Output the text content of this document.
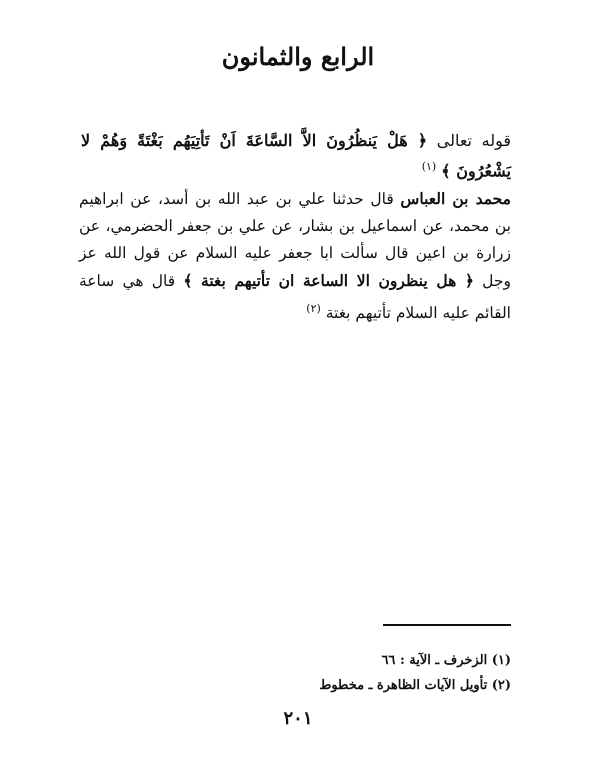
الرابع والثمانون
قوله تعالى ﴿ هَلْ يَنظُرُونَ الاَّ السَّاعَةَ اَنْ تَأتِيَهُم بَغْتَةً وَهُمْ لا يَشْعُرُونَ ﴾ $^{(١)}$
محمد بن العباس قال حدثنا علي بن عبد الله بن أسد، عن ابراهيم بن محمد، عن اسماعيل بن بشار، عن علي بن جعفر الحضرمي، عن زرارة بن اعين قال سألت ابا جعفر عليه السلام عن قول الله عز وجل ﴿ هل ينظرون الا الساعة ان تأتيهم بغتة ﴾ قال هي ساعة القائم عليه السلام تأتيهم بغتة $^{(٢)}$
(١) الزخرف ـ الآية : ٦٦
(٢) تأويل الآيات الظاهرة ـ مخطوط
٢٠١
